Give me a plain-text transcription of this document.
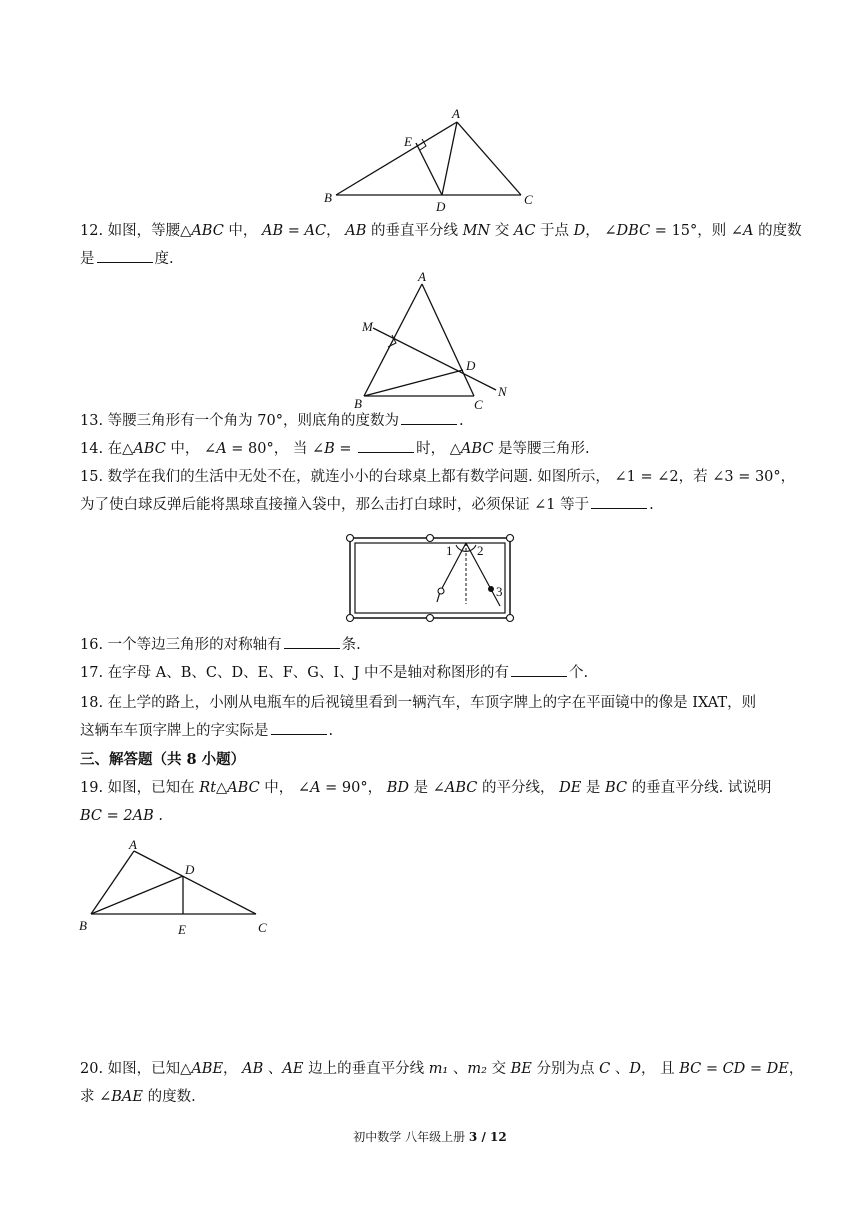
A
B	C
D
E
12. 如图，等腰△ABC 中， AB = AC， AB 的垂直平分线 MN 交 AC 于点 D， ∠DBC = 15°，则 ∠A 的度数
是	度.
A
B	C
D
M
N
13. 等腰三角形有一个角为 70°，则底角的度数为	.
14. 在△ABC 中， ∠A = 80°， 当 ∠B =	时， △ABC 是等腰三角形.
15. 数学在我们的生活中无处不在，就连小小的台球桌上都有数学问题. 如图所示， ∠1 = ∠2，若 ∠3 = 30°，
为了使白球反弹后能将黑球直接撞入袋中，那么击打白球时，必须保证 ∠1 等于	.
1 2
3
16. 一个等边三角形的对称轴有	条.
17. 在字母 A、B、C、D、E、F、G、I、J 中不是轴对称图形的有	个.
18. 在上学的路上，小刚从电瓶车的后视镜里看到一辆汽车，车顶字牌上的字在平面镜中的像是 IXAT，则
这辆车车顶字牌上的字实际是	.
三、解答题（共 8 小题）
19. 如图，已知在 Rt△ABC 中， ∠A = 90°， BD 是 ∠ABC 的平分线， DE 是 BC 的垂直平分线. 试说明
BC = 2AB .
A
B	C
D
E
20. 如图，已知△ABE， AB 、AE 边上的垂直平分线 m₁ 、m₂ 交 BE 分别为点 C 、D， 且 BC = CD = DE，
求 ∠BAE 的度数.
初中数学 八年级上册 3 / 12
